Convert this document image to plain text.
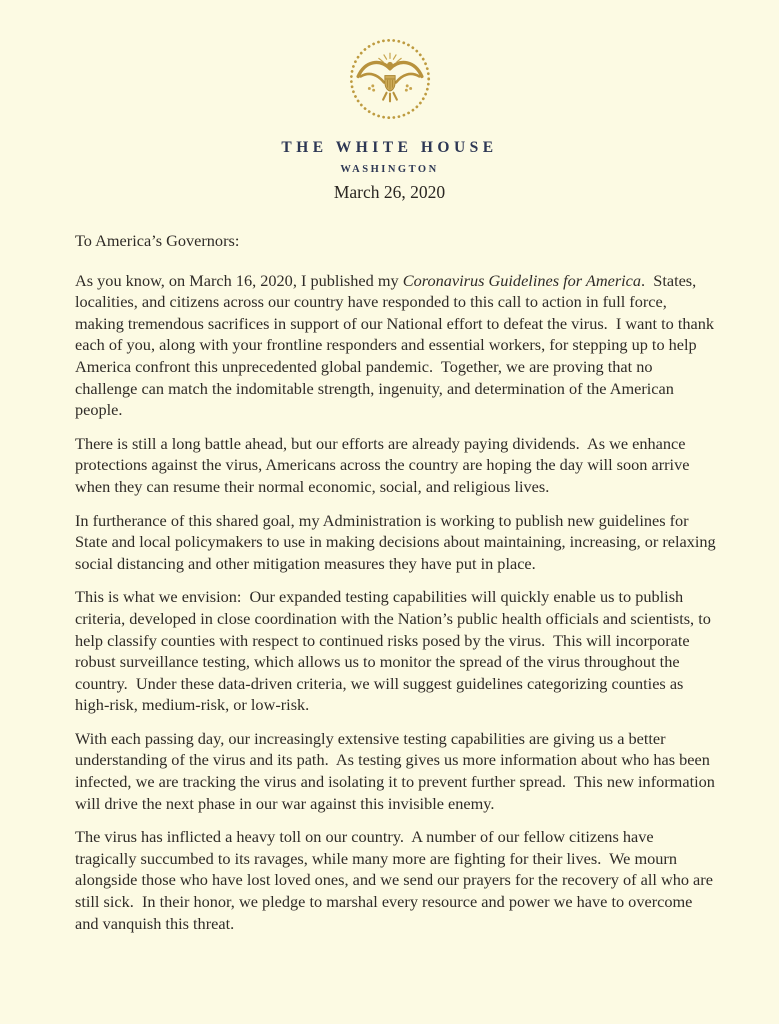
THE WHITE HOUSE
WASHINGTON
March 26, 2020

To America’s Governors:

As you know, on March 16, 2020, I published my Coronavirus Guidelines for America.  States, localities, and citizens across our country have responded to this call to action in full force, making tremendous sacrifices in support of our National effort to defeat the virus.  I want to thank each of you, along with your frontline responders and essential workers, for stepping up to help America confront this unprecedented global pandemic.  Together, we are proving that no challenge can match the indomitable strength, ingenuity, and determination of the American people.

There is still a long battle ahead, but our efforts are already paying dividends.  As we enhance protections against the virus, Americans across the country are hoping the day will soon arrive when they can resume their normal economic, social, and religious lives.

In furtherance of this shared goal, my Administration is working to publish new guidelines for State and local policymakers to use in making decisions about maintaining, increasing, or relaxing social distancing and other mitigation measures they have put in place.

This is what we envision:  Our expanded testing capabilities will quickly enable us to publish criteria, developed in close coordination with the Nation’s public health officials and scientists, to help classify counties with respect to continued risks posed by the virus.  This will incorporate robust surveillance testing, which allows us to monitor the spread of the virus throughout the country.  Under these data-driven criteria, we will suggest guidelines categorizing counties as high-risk, medium-risk, or low-risk.

With each passing day, our increasingly extensive testing capabilities are giving us a better understanding of the virus and its path.  As testing gives us more information about who has been infected, we are tracking the virus and isolating it to prevent further spread.  This new information will drive the next phase in our war against this invisible enemy.

The virus has inflicted a heavy toll on our country.  A number of our fellow citizens have tragically succumbed to its ravages, while many more are fighting for their lives.  We mourn alongside those who have lost loved ones, and we send our prayers for the recovery of all who are still sick.  In their honor, we pledge to marshal every resource and power we have to overcome and vanquish this threat.
